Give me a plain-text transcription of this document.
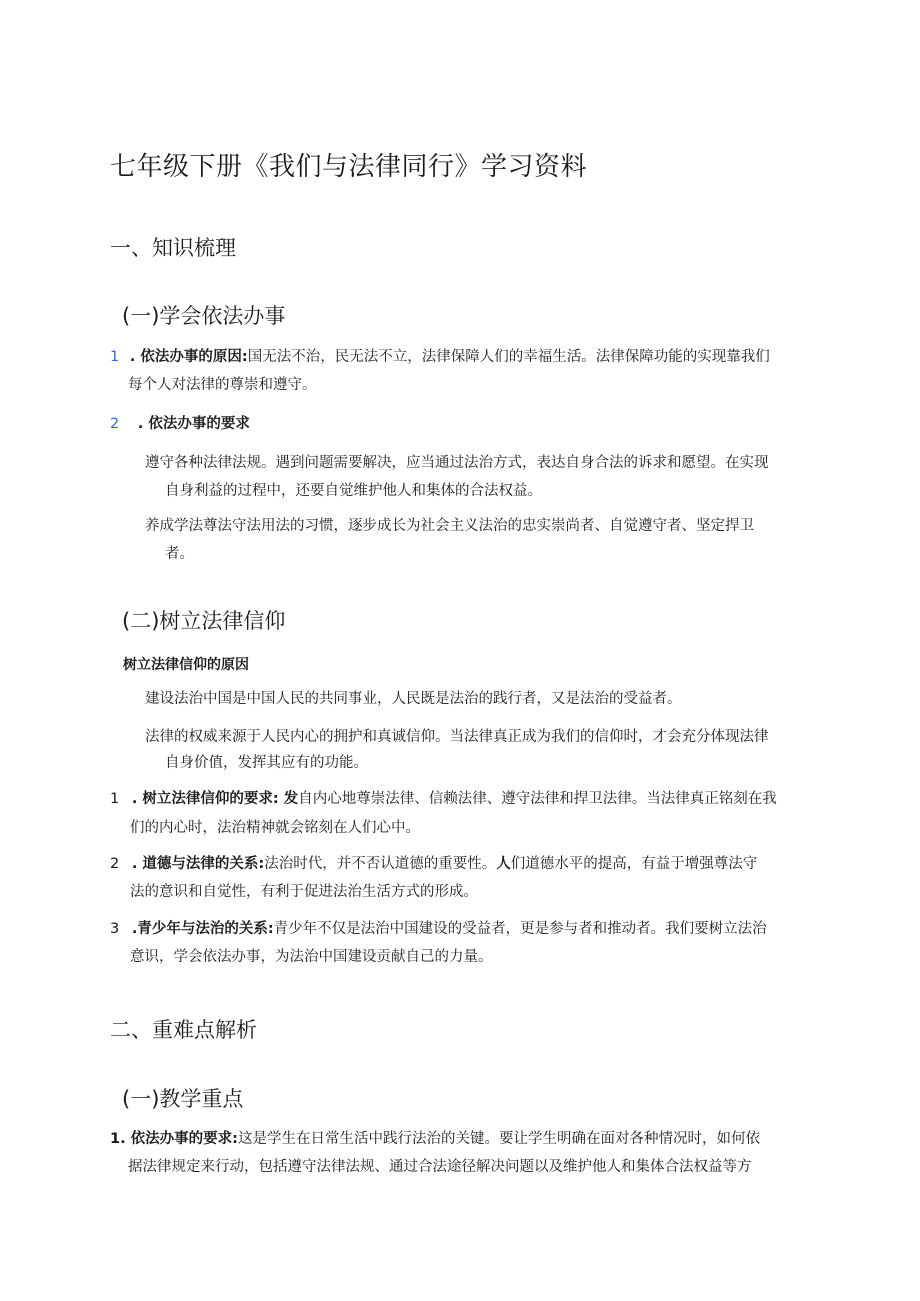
七年级下册《我们与法律同行》学习资料
一、知识梳理
(一)学会依法办事
1 . 依法办事的原因:国无法不治，民无法不立，法律保障人们的幸福生活。法律保障功能的实现靠我们
每个人对法律的尊崇和遵守。
2 . 依法办事的要求
遵守各种法律法规。遇到问题需要解决，应当通过法治方式，表达自身合法的诉求和愿望。在实现
自身利益的过程中，还要自觉维护他人和集体的合法权益。
养成学法尊法守法用法的习惯，逐步成长为社会主义法治的忠实崇尚者、自觉遵守者、坚定捍卫
者。
(二)树立法律信仰
树立法律信仰的原因
建设法治中国是中国人民的共同事业，人民既是法治的践行者，又是法治的受益者。
法律的权威来源于人民内心的拥护和真诚信仰。当法律真正成为我们的信仰时，才会充分体现法律
自身价值，发挥其应有的功能。
1 . 树立法律信仰的要求: 发自内心地尊崇法律、信赖法律、遵守法律和捍卫法律。当法律真正铭刻在我
们的内心时，法治精神就会铭刻在人们心中。
2 . 道德与法律的关系:法治时代，并不否认道德的重要性。人们道德水平的提高，有益于增强尊法守
法的意识和自觉性，有利于促进法治生活方式的形成。
3 .青少年与法治的关系:青少年不仅是法治中国建设的受益者，更是参与者和推动者。我们要树立法治
意识，学会依法办事，为法治中国建设贡献自己的力量。
二、重难点解析
(一)教学重点
1. 依法办事的要求:这是学生在日常生活中践行法治的关键。要让学生明确在面对各种情况时，如何依
据法律规定来行动，包括遵守法律法规、通过合法途径解决问题以及维护他人和集体合法权益等方
